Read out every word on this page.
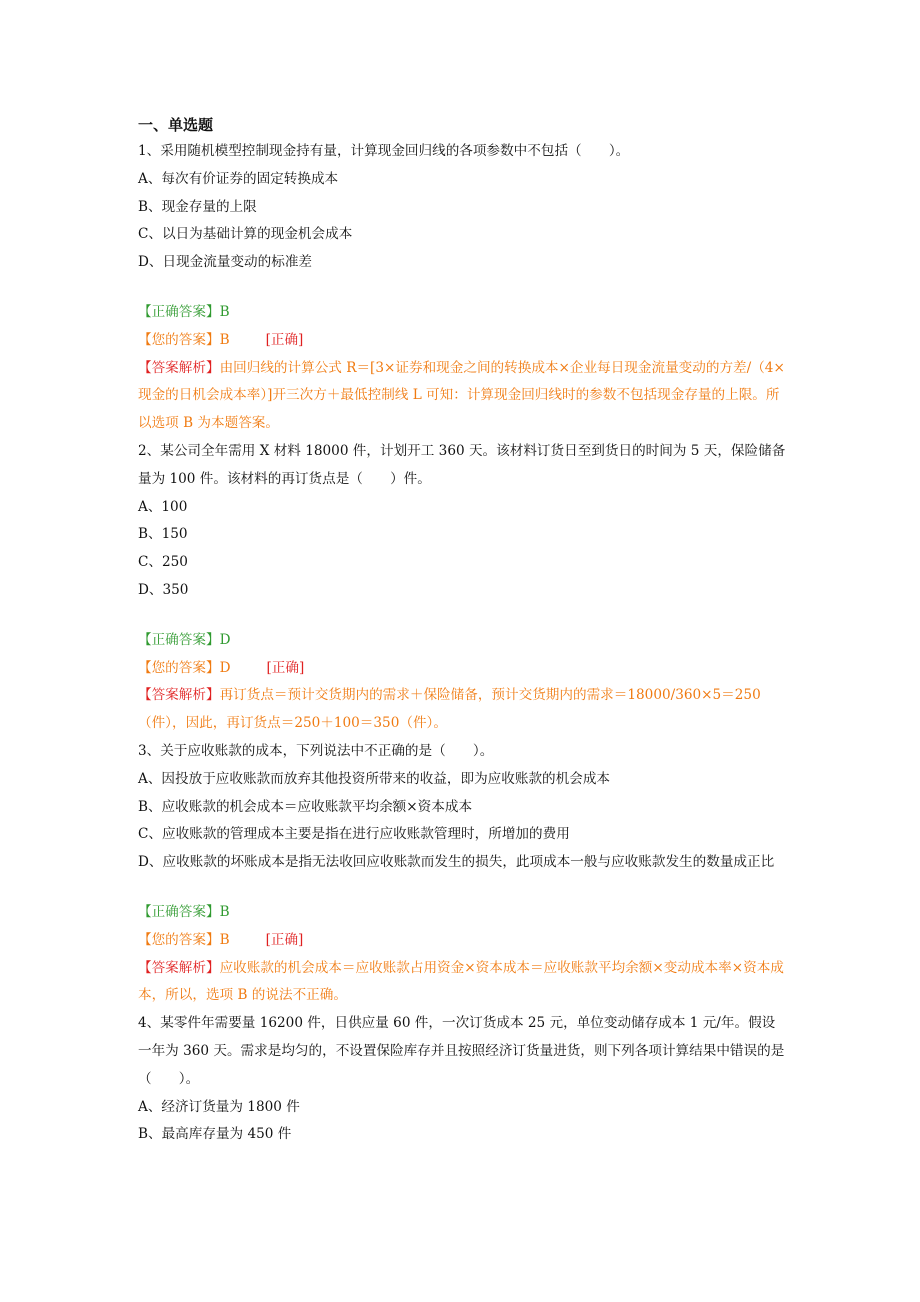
一、单选题
1、采用随机模型控制现金持有量，计算现金回归线的各项参数中不包括（　　）。
A、每次有价证券的固定转换成本
B、现金存量的上限
C、以日为基础计算的现金机会成本
D、日现金流量变动的标准差
【正确答案】B
【您的答案】B	[正确]
【答案解析】由回归线的计算公式 R＝[3×证券和现金之间的转换成本×企业每日现金流量变动的方差/（4×现金的日机会成本率）]开三次方＋最低控制线 L 可知：计算现金回归线时的参数不包括现金存量的上限。所以选项 B 为本题答案。
2、某公司全年需用 X 材料 18000 件，计划开工 360 天。该材料订货日至到货日的时间为 5 天，保险储备量为 100 件。该材料的再订货点是（　　）件。
A、100
B、150
C、250
D、350
【正确答案】D
【您的答案】D	[正确]
【答案解析】再订货点＝预计交货期内的需求＋保险储备，预计交货期内的需求＝18000/360×5＝250（件），因此，再订货点＝250＋100＝350（件）。
3、关于应收账款的成本，下列说法中不正确的是（　　）。
A、因投放于应收账款而放弃其他投资所带来的收益，即为应收账款的机会成本
B、应收账款的机会成本＝应收账款平均余额×资本成本
C、应收账款的管理成本主要是指在进行应收账款管理时，所增加的费用
D、应收账款的坏账成本是指无法收回应收账款而发生的损失，此项成本一般与应收账款发生的数量成正比
【正确答案】B
【您的答案】B	[正确]
【答案解析】应收账款的机会成本＝应收账款占用资金×资本成本＝应收账款平均余额×变动成本率×资本成本，所以，选项 B 的说法不正确。
4、某零件年需要量 16200 件，日供应量 60 件，一次订货成本 25 元，单位变动储存成本 1 元/年。假设一年为 360 天。需求是均匀的，不设置保险库存并且按照经济订货量进货，则下列各项计算结果中错误的是（　　）。
A、经济订货量为 1800 件
B、最高库存量为 450 件
